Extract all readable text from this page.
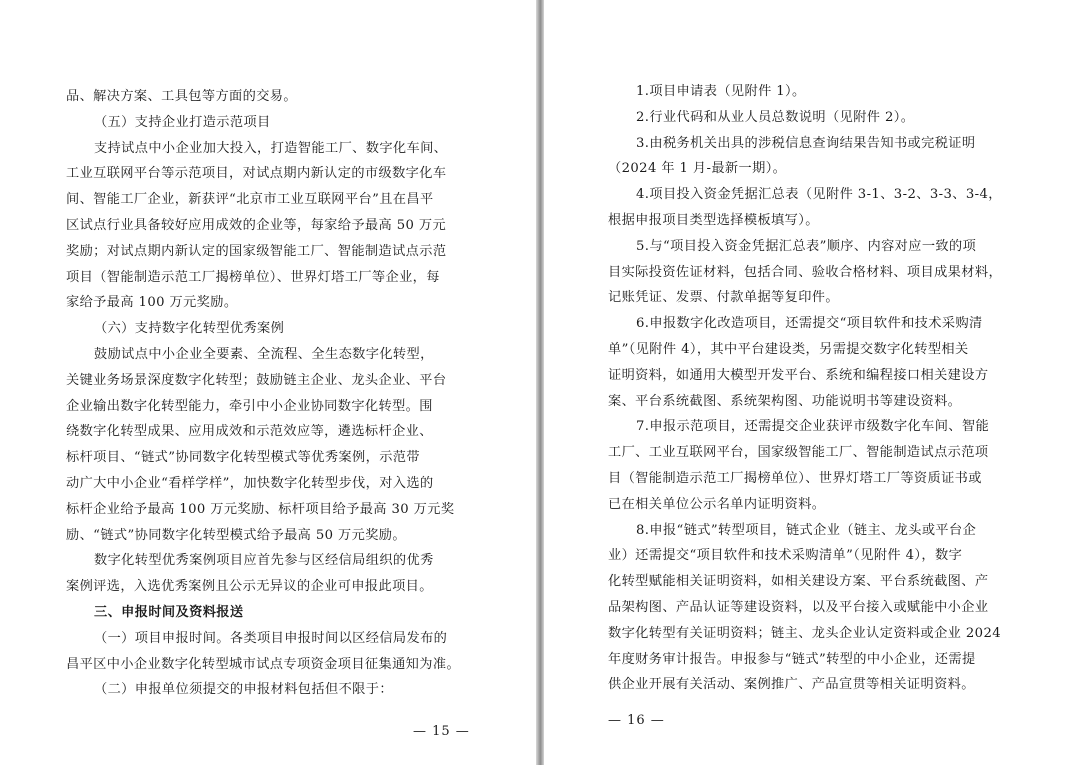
品、解决方案、工具包等方面的交易。
（五）支持企业打造示范项目
支持试点中小企业加大投入，打造智能工厂、数字化车间、
工业互联网平台等示范项目，对试点期内新认定的市级数字化车
间、智能工厂企业，新获评“北京市工业互联网平台”且在昌平
区试点行业具备较好应用成效的企业等，每家给予最高 50 万元
奖励；对试点期内新认定的国家级智能工厂、智能制造试点示范
项目（智能制造示范工厂揭榜单位）、世界灯塔工厂等企业，每
家给予最高 100 万元奖励。
（六）支持数字化转型优秀案例
鼓励试点中小企业全要素、全流程、全生态数字化转型，
关键业务场景深度数字化转型；鼓励链主企业、龙头企业、平台
企业输出数字化转型能力，牵引中小企业协同数字化转型。围
绕数字化转型成果、应用成效和示范效应等，遴选标杆企业、
标杆项目、“链式”协同数字化转型模式等优秀案例，示范带
动广大中小企业“看样学样”，加快数字化转型步伐，对入选的
标杆企业给予最高 100 万元奖励、标杆项目给予最高 30 万元奖
励、“链式”协同数字化转型模式给予最高 50 万元奖励。
数字化转型优秀案例项目应首先参与区经信局组织的优秀
案例评选，入选优秀案例且公示无异议的企业可申报此项目。
三、申报时间及资料报送
（一）项目申报时间。各类项目申报时间以区经信局发布的
昌平区中小企业数字化转型城市试点专项资金项目征集通知为准。
（二）申报单位须提交的申报材料包括但不限于：
— 15 —
1.项目申请表（见附件 1）。
2.行业代码和从业人员总数说明（见附件 2）。
3.由税务机关出具的涉税信息查询结果告知书或完税证明
（2024 年 1 月-最新一期）。
4.项目投入资金凭据汇总表（见附件 3-1、3-2、3-3、3-4，
根据申报项目类型选择模板填写）。
5.与“项目投入资金凭据汇总表”顺序、内容对应一致的项
目实际投资佐证材料，包括合同、验收合格材料、项目成果材料，
记账凭证、发票、付款单据等复印件。
6.申报数字化改造项目，还需提交“项目软件和技术采购清
单”（见附件 4），其中平台建设类，另需提交数字化转型相关
证明资料，如通用大模型开发平台、系统和编程接口相关建设方
案、平台系统截图、系统架构图、功能说明书等建设资料。
7.申报示范项目，还需提交企业获评市级数字化车间、智能
工厂、工业互联网平台，国家级智能工厂、智能制造试点示范项
目（智能制造示范工厂揭榜单位）、世界灯塔工厂等资质证书或
已在相关单位公示名单内证明资料。
8.申报“链式”转型项目，链式企业（链主、龙头或平台企
业）还需提交“项目软件和技术采购清单”（见附件 4），数字
化转型赋能相关证明资料，如相关建设方案、平台系统截图、产
品架构图、产品认证等建设资料，以及平台接入或赋能中小企业
数字化转型有关证明资料；链主、龙头企业认定资料或企业 2024
年度财务审计报告。申报参与“链式”转型的中小企业，还需提
供企业开展有关活动、案例推广、产品宣贯等相关证明资料。
— 16 —
